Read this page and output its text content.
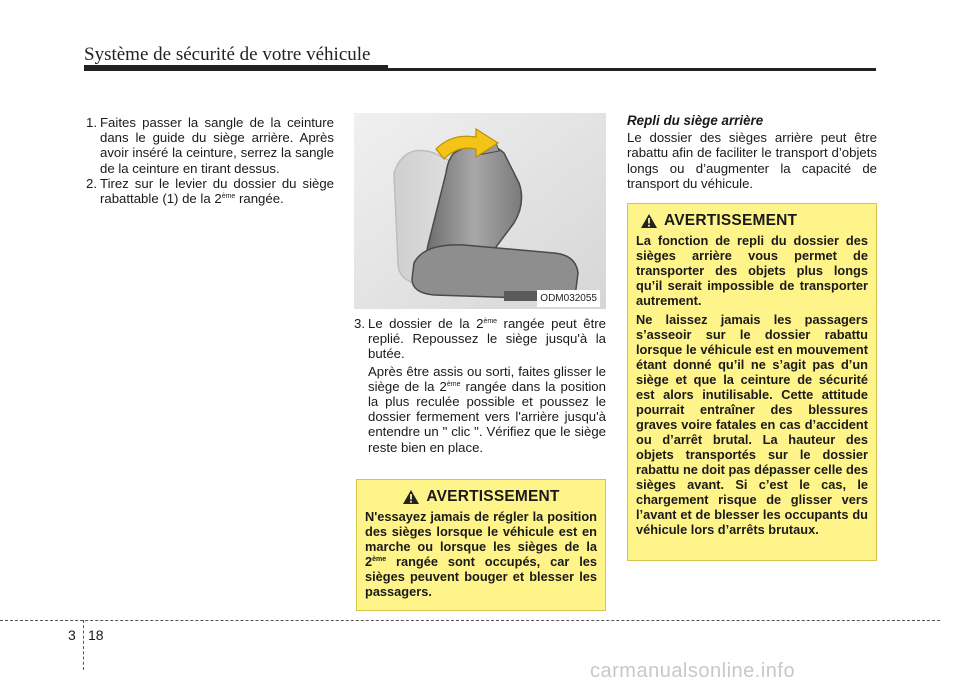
Système de sécurité de votre véhicule
1. Faites passer la sangle de la ceinture dans le guide du siège arrière. Après avoir inséré la ceinture, serrez la sangle de la ceinture en tirant dessus.
2. Tirez sur le levier du dossier du siège rabattable (1) de la 2ème rangée.
ODM032055
3. Le dossier de la 2ème rangée peut être replié. Repoussez le siège jusqu'à la butée.
Après être assis ou sorti, faites glisser le siège de la 2ème rangée dans la position la plus reculée possible et poussez le dossier fermement vers l'arrière jusqu'à entendre un " clic ". Vérifiez que le siège reste bien en place.
AVERTISSEMENT
N'essayez jamais de régler la position des sièges lorsque le véhicule est en marche ou lorsque les sièges de la 2ème rangée sont occupés, car les sièges peuvent bouger et blesser les passagers.
Repli du siège arrière
Le dossier des sièges arrière peut être rabattu afin de faciliter le transport d’objets longs ou d’augmenter la capacité de transport du véhicule.
AVERTISSEMENT

La fonction de repli du dossier des sièges arrière vous permet de transporter des objets plus longs qu’il serait impossible de transporter autrement.

Ne laissez jamais les passagers s’asseoir sur le dossier rabattu lorsque le véhicule est en mouvement étant donné qu’il ne s’agit pas d’un siège et que la ceinture de sécurité est alors inutilisable. Cette attitude pourrait entraîner des blessures graves voire fatales en cas d’accident ou d’arrêt brutal. La hauteur des objets transportés sur le dossier rabattu ne doit pas dépasser celle des sièges avant. Si c’est le cas, le chargement risque de glisser vers l’avant et de blesser les occupants du véhicule lors d’arrêts brutaux.

3 18
carmanualsonline.info
